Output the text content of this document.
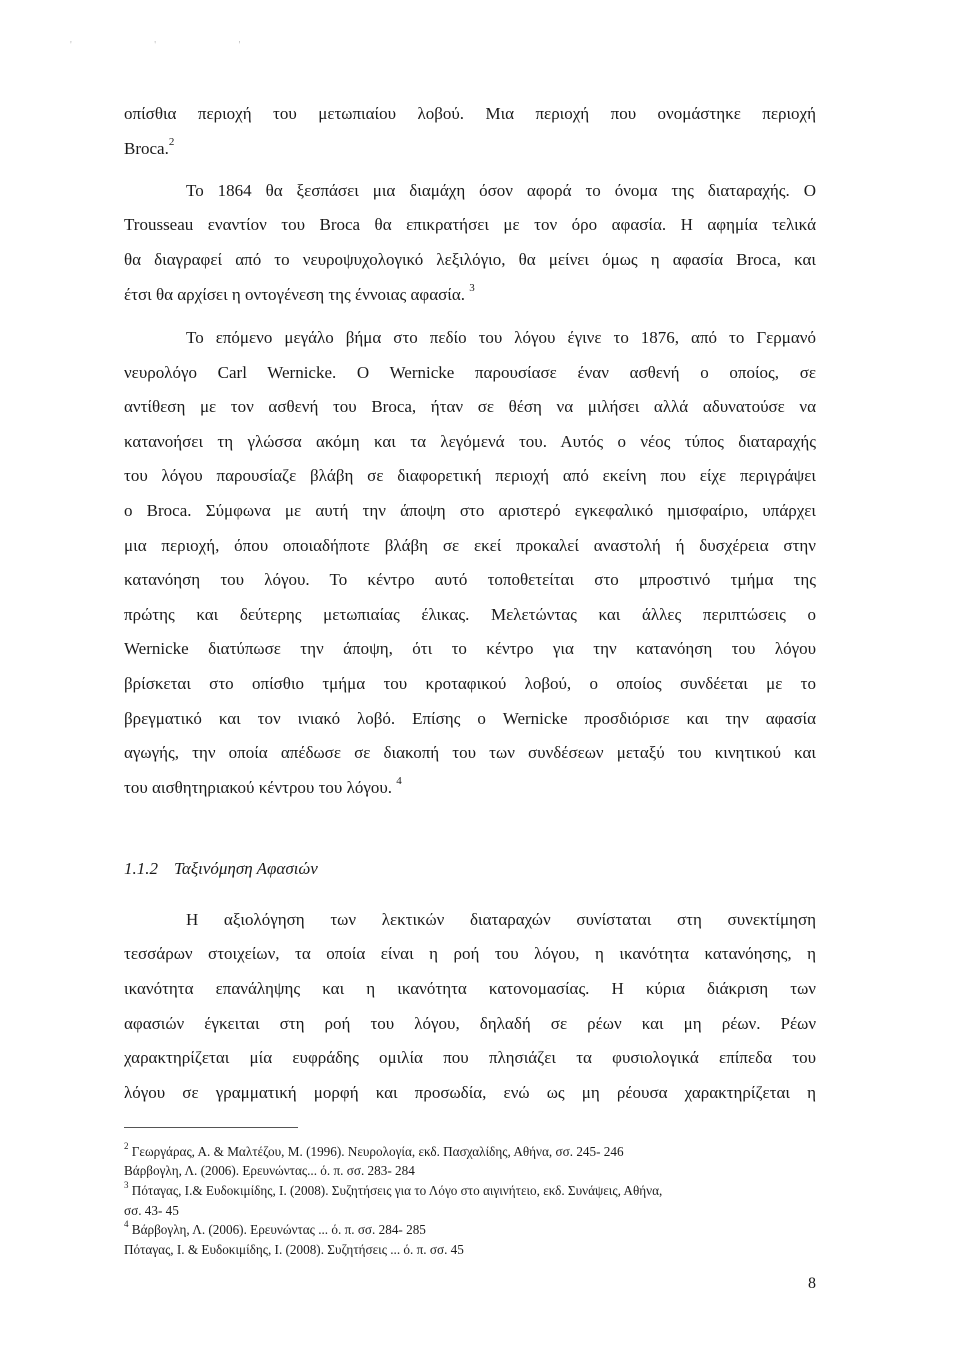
' ' '
οπίσθια περιοχή του μετωπιαίου λοβού. Μια περιοχή που ονομάστηκε περιοχή
Broca.$^2$
Το 1864 θα ξεσπάσει μια διαμάχη όσον αφορά το όνομα της διαταραχής. Ο
Trousseau εναντίον του Broca θα επικρατήσει με τον όρο αφασία. Η αφημία τελικά
θα διαγραφεί από το νευροψυχολογικό λεξιλόγιο, θα μείνει όμως η αφασία Broca, και
έτσι θα αρχίσει η οντογένεση της έννοιας αφασία. $^3$
Το επόμενο μεγάλο βήμα στο πεδίο του λόγου έγινε το 1876, από το Γερμανό
νευρολόγο Carl Wernicke. O Wernicke παρουσίασε έναν ασθενή ο οποίος, σε
αντίθεση με τον ασθενή του Broca, ήταν σε θέση να μιλήσει αλλά αδυνατούσε να
κατανοήσει τη γλώσσα ακόμη και τα λεγόμενά του. Αυτός ο νέος τύπος διαταραχής
του λόγου παρουσίαζε βλάβη σε διαφορετική περιοχή από εκείνη που είχε περιγράψει
ο Broca. Σύμφωνα με αυτή την άποψη στο αριστερό εγκεφαλικό ημισφαίριο, υπάρχει
μια περιοχή, όπου οποιαδήποτε βλάβη σε εκεί προκαλεί αναστολή ή δυσχέρεια στην
κατανόηση του λόγου. Το κέντρο αυτό τοποθετείται στο μπροστινό τμήμα της
πρώτης και δεύτερης μετωπιαίας έλικας. Μελετώντας και άλλες περιπτώσεις ο
Wernicke διατύπωσε την άποψη, ότι το κέντρο για την κατανόηση του λόγου
βρίσκεται στο οπίσθιο τμήμα του κροταφικού λοβού, ο οποίος συνδέεται με το
βρεγματικό και τον ινιακό λοβό. Επίσης ο Wernicke προσδιόρισε και την αφασία
αγωγής, την οποία απέδωσε σε διακοπή του των συνδέσεων μεταξύ του κινητικού και
του αισθητηριακού κέντρου του λόγου. $^4$
1.1.2 Ταξινόμηση Αφασιών
Η αξιολόγηση των λεκτικών διαταραχών συνίσταται στη συνεκτίμηση
τεσσάρων στοιχείων, τα οποία είναι η ροή του λόγου, η ικανότητα κατανόησης, η
ικανότητα επανάληψης και η ικανότητα κατονομασίας. Η κύρια διάκριση των
αφασιών έγκειται στη ροή του λόγου, δηλαδή σε ρέων και μη ρέων. Ρέων
χαρακτηρίζεται μία ευφράδης ομιλία που πλησιάζει τα φυσιολογικά επίπεδα του
λόγου σε γραμματική μορφή και προσωδία, ενώ ως μη ρέουσα χαρακτηρίζεται η
$^2$ Γεωργάρας, Α. & Μαλτέζου, Μ. (1996). Νευρολογία, εκδ. Πασχαλίδης, Αθήνα, σσ. 245- 246
Βάρβογλη, Λ. (2006). Ερευνώντας... ό. π. σσ. 283- 284
$^3$ Πόταγας, Ι.& Ευδοκιμίδης, Ι. (2008). Συζητήσεις για το Λόγο στο αιγινήτειο, εκδ. Συνάψεις, Αθήνα,
σσ. 43- 45
$^4$ Βάρβογλη, Λ. (2006). Ερευνώντας ... ό. π. σσ. 284- 285
Πόταγας, Ι. & Ευδοκιμίδης, Ι. (2008). Συζητήσεις ... ό. π. σσ. 45
8
